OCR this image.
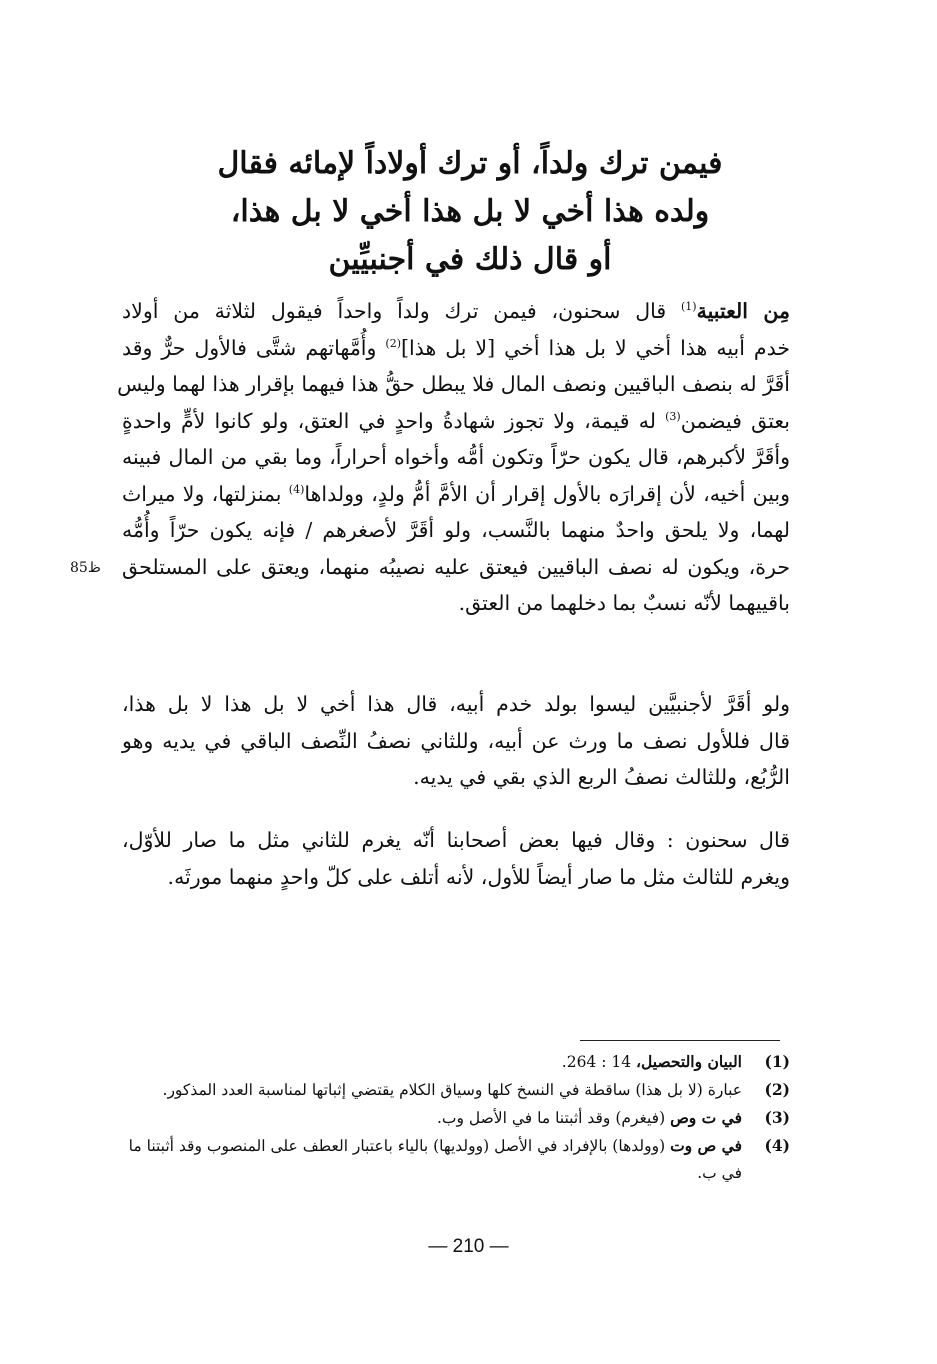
فيمن ترك ولداً، أو ترك أولاداً لإمائه فقال
ولده هذا أخي لا بل هذا أخي لا بل هذا،
أو قال ذلك في أجنبيِّين
مِن العتبية$^{(1)}$ قال سحنون، فيمن ترك ولداً واحداً فيقول لثلاثة من أولاد
خدم أبيه هذا أخي لا بل هذا أخي [لا بل هذا]$^{(2)}$ وأُمَّهاتهم شتَّى فالأول حرٌّ وقد
أقَرَّ له بنصف الباقيين ونصف المال فلا يبطل حقُّ هذا فيهما بإقرار هذا لهما وليس
بعتق فيضمن$^{(3)}$ له قيمة، ولا تجوز شهادةُ واحدٍ في العتق، ولو كانوا لأمٍّ واحدةٍ
وأقَرَّ لأكبرهم، قال يكون حرّاً وتكون أمُّه وأخواه أحراراً، وما بقي من المال فبينه
وبين أخيه، لأن إقرارَه بالأول إقرار أن الأمَّ أمُّ ولدٍ، وولداها$^{(4)}$ بمنزلتها، ولا ميراث
لهما، ولا يلحق واحدٌ منهما بالنَّسب، ولو أقَرَّ لأصغرهم / فإنه يكون حرّاً وأُمُّه
حرة، ويكون له نصف الباقيين فيعتق عليه نصيبُه منهما، ويعتق على المستلحق
باقييهما لأنّه نسبٌ بما دخلهما من العتق.
85ظ
ولو أقَرَّ لأجنبيَّين ليسوا بولد خدم أبيه، قال هذا أخي لا بل هذا لا بل هذا،
قال فللأول نصف ما ورث عن أبيه، وللثاني نصفُ النِّصف الباقي في يديه وهو
الرُّبُع، وللثالث نصفُ الربع الذي بقي في يديه.
قال سحنون : وقال فيها بعض أصحابنا أنّه يغرم للثاني مثل ما صار للأوّل،
ويغرم للثالث مثل ما صار أيضاً للأول، لأنه أتلف على كلّ واحدٍ منهما مورثَه.
(1)
البيان والتحصيل، 14 : 264.
(2)
عبارة (لا بل هذا) ساقطة في النسخ كلها وسياق الكلام يقتضي إثباتها لمناسبة العدد المذكور.
(3)
في ت وص (فيغرم) وقد أثبتنا ما في الأصل وب.
(4)
في ص وت (وولدها) بالإفراد في الأصل (وولديها) بالياء باعتبار العطف على المنصوب وقد أثبتنا ما في ب.
— 210 —
